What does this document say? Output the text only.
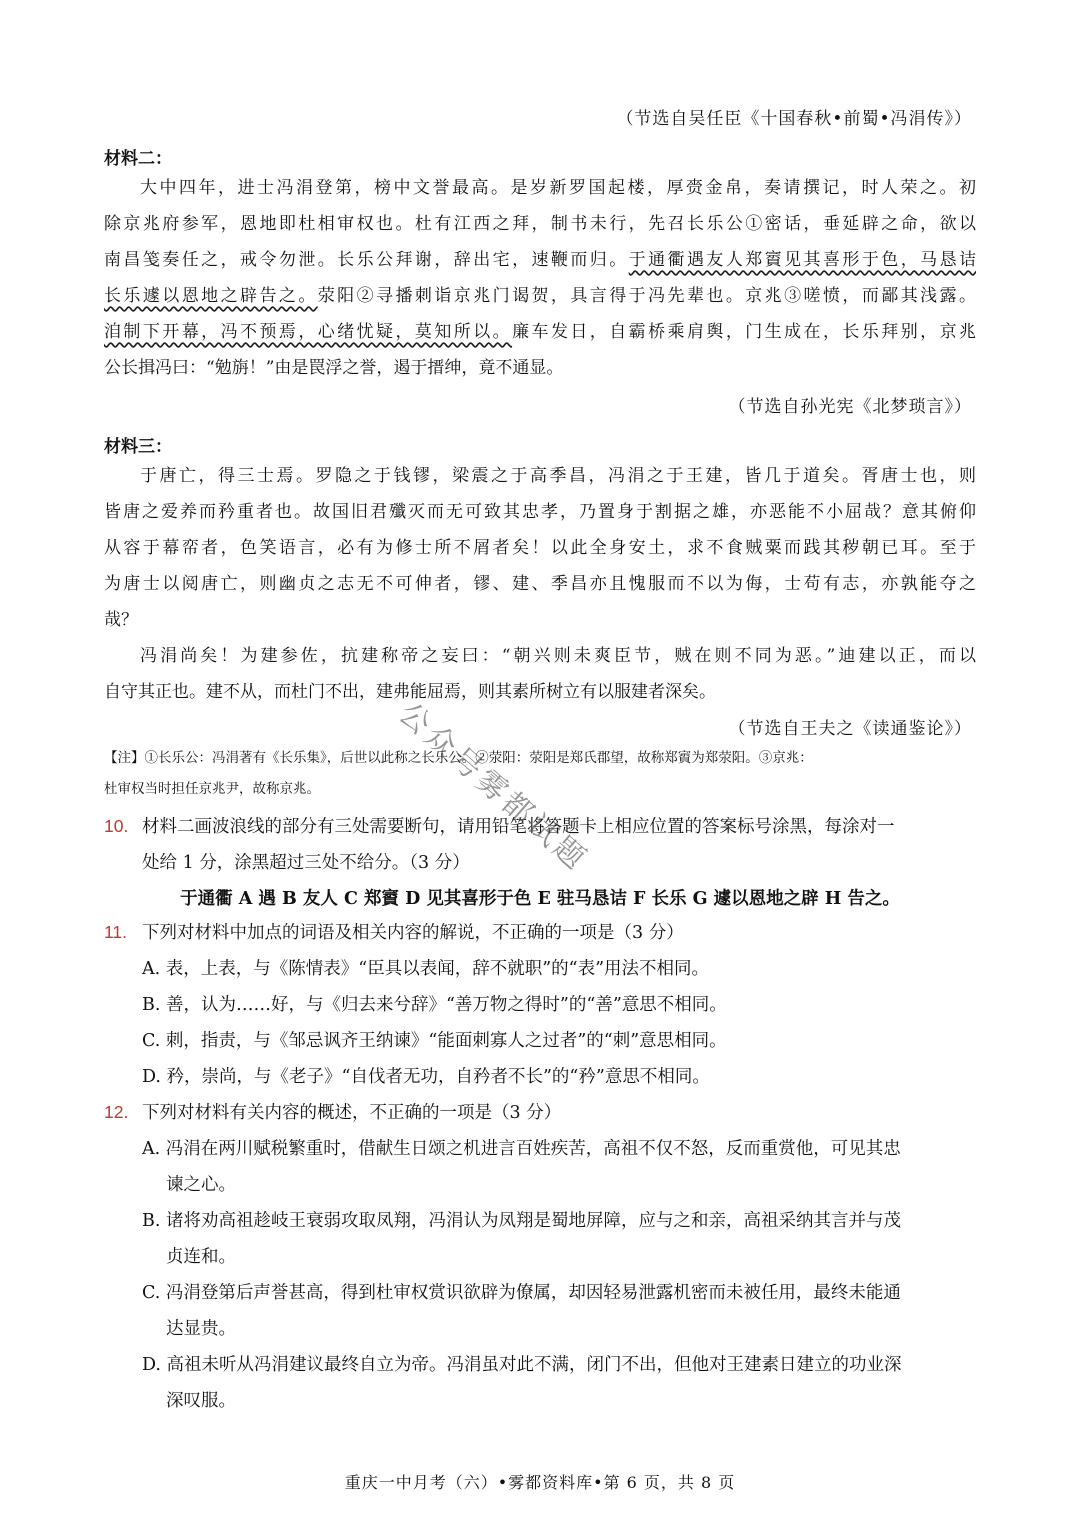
（节选自吴任臣《十国春秋•前蜀•冯涓传》）
材料二：
大中四年，进士冯涓登第，榜中文誉最高。是岁新罗国起楼，厚赍金帛，奏请撰记，时人荣之。初
除京兆府参军，恩地即杜相审权也。杜有江西之拜，制书未行，先召长乐公①密话，垂延辟之命，欲以
南昌笺奏任之，戒令勿泄。长乐公拜谢，辞出宅，速鞭而归。于通衢遇友人郑賨见其喜形于色，马恳诘
长乐遽以恩地之辟告之。荥阳②寻播刺诣京兆门谒贺，具言得于冯先辈也。京兆③嗟愤，而鄙其浅露。
洎制下开幕，冯不预焉，心绪忧疑，莫知所以。廉车发日，自霸桥乘肩舆，门生成在，长乐拜别，京兆
公长揖冯曰：“勉旃！”由是罠浮之誉，遏于搢绅，竟不通显。
（节选自孙光宪《北梦琐言》）
材料三：
于唐亡，得三士焉。罗隐之于钱镠，梁震之于高季昌，冯涓之于王建，皆几于道矣。胥唐士也，则
皆唐之爱养而矜重者也。故国旧君殲灭而无可致其忠孝，乃置身于割据之雄，亦恶能不小屈哉？意其俯仰
从容于幕帟者，色笑语言，必有为修士所不屑者矣！以此全身安土，求不食贼粟而践其秽朝已耳。至于
为唐士以阅唐亡，则幽贞之志无不可伸者，镠、建、季昌亦且愧服而不以为侮，士苟有志，亦孰能夺之
哉？
冯涓尚矣！为建参佐，抗建称帝之妄曰：“朝兴则未爽臣节，贼在则不同为恶。”迪建以正，而以
自守其正也。建不从，而杜门不出，建弗能屈焉，则其素所树立有以服建者深矣。
（节选自王夫之《读通鉴论》）
【注】①长乐公：冯涓著有《长乐集》，后世以此称之长乐公。②荥阳：荥阳是郑氏郡望，故称郑賨为郑荥阳。③京兆：
杜审权当时担任京兆尹，故称京兆。
10. 材料二画波浪线的部分有三处需要断句，请用铅笔将答题卡上相应位置的答案标号涂黑，每涂对一
处给 1 分，涂黑超过三处不给分。（3 分）
于通衢 A 遇 B 友人 C 郑賨 D 见其喜形于色 E 驻马恳诘 F 长乐 G 遽以恩地之辟 H 告之。
11. 下列对材料中加点的词语及相关内容的解说，不正确的一项是（3 分）
A. 表，上表，与《陈情表》“臣具以表闻，辞不就职”的“表”用法不相同。
B. 善，认为……好，与《归去来兮辞》“善万物之得时”的“善”意思不相同。
C. 刺，指责，与《邹忌讽齐王纳谏》“能面刺寡人之过者”的“刺”意思相同。
D. 矜，崇尚，与《老子》“自伐者无功，自矜者不长”的“矜”意思不相同。
12. 下列对材料有关内容的概述，不正确的一项是（3 分）
A. 冯涓在两川赋税繁重时，借献生日颂之机进言百姓疾苦，高祖不仅不怒，反而重赏他，可见其忠
谏之心。
B. 诸将劝高祖趁岐王衰弱攻取凤翔，冯涓认为凤翔是蜀地屏障，应与之和亲，高祖采纳其言并与茂
贞连和。
C. 冯涓登第后声誉甚高，得到杜审权赏识欲辟为僚属，却因轻易泄露机密而未被任用，最终未能通
达显贵。
D. 高祖未听从冯涓建议最终自立为帝。冯涓虽对此不满，闭门不出，但他对王建素日建立的功业深
深叹服。
公众号雾都试题
重庆一中月考（六）•雾都资料库•第 6 页，共 8 页
